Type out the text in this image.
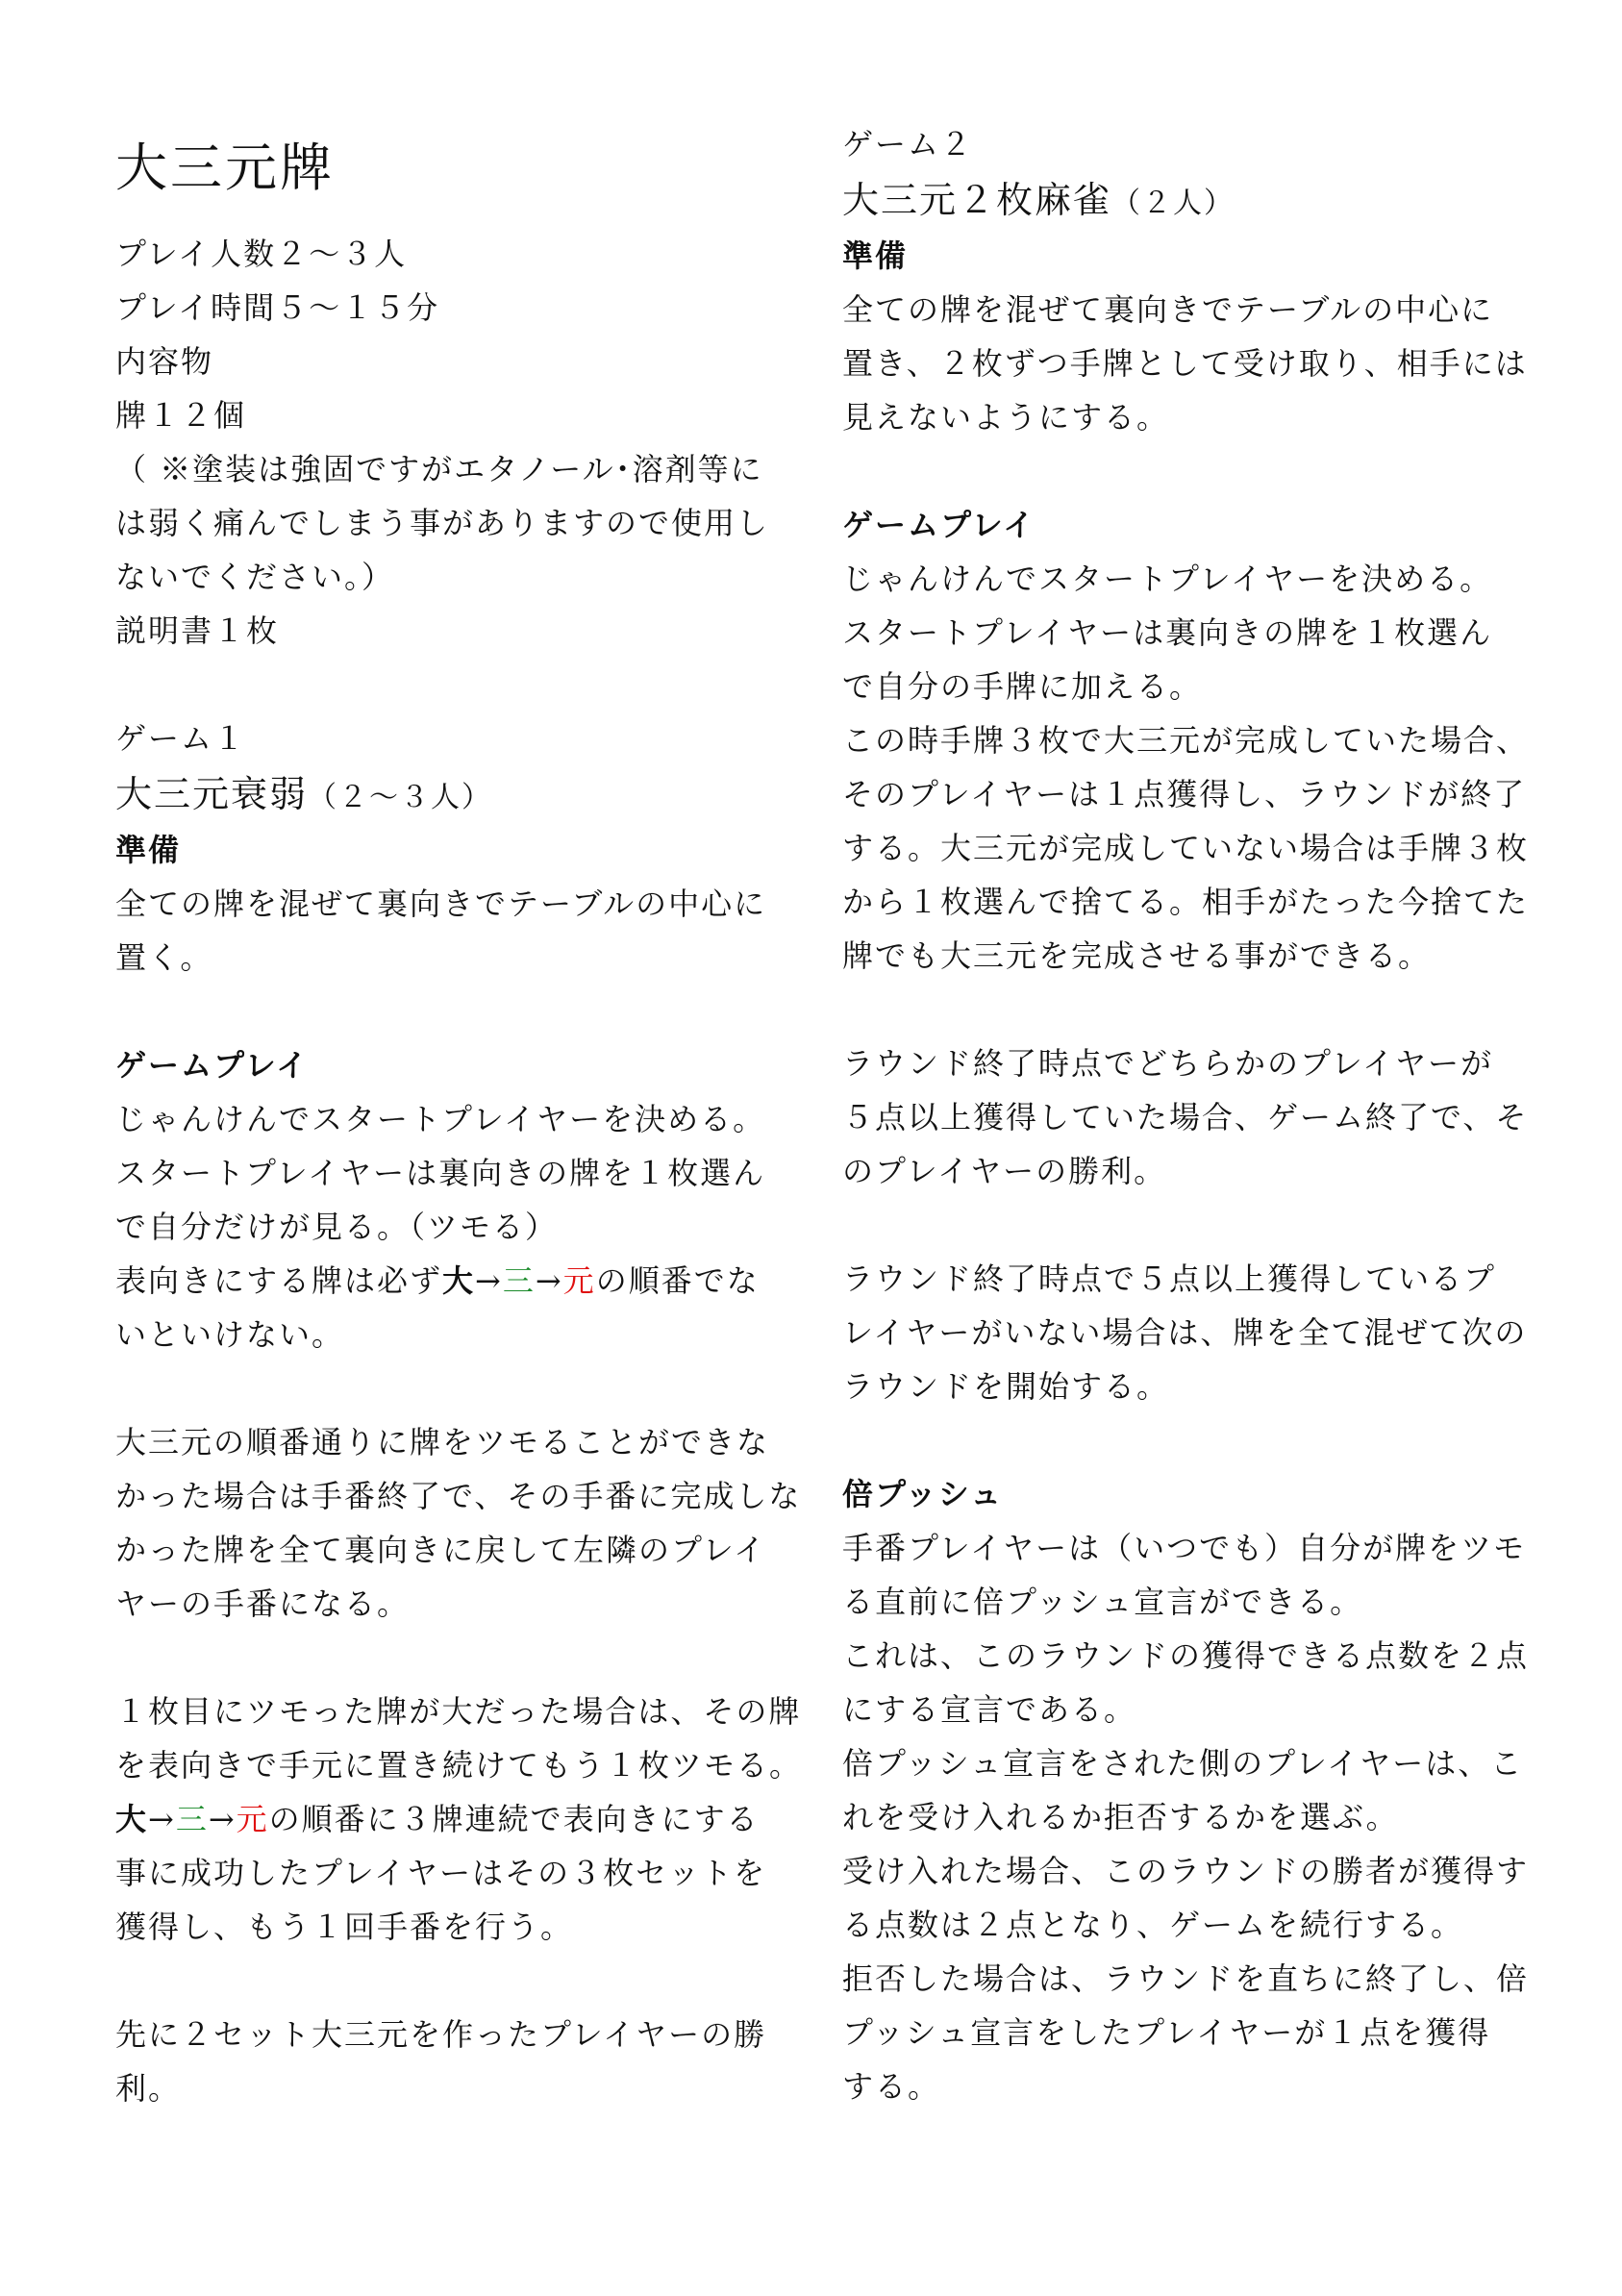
大三元牌
プレイ人数２～３人
プレイ時間５～１５分
内容物
牌１２個
（ ※塗装は強固ですがエタノール･溶剤等に
は弱く痛んでしまう事がありますので使用し
ないでください。）
説明書１枚
ゲーム１
大三元衰弱（２～３人）
準備
全ての牌を混ぜて裏向きでテーブルの中心に
置く。
ゲームプレイ
じゃんけんでスタートプレイヤーを決める。
スタートプレイヤーは裏向きの牌を１枚選ん
で自分だけが見る。（ツモる）
表向きにする牌は必ず大→三→元の順番でな
いといけない。
大三元の順番通りに牌をツモることができな
かった場合は手番終了で、その手番に完成しな
かった牌を全て裏向きに戻して左隣のプレイ
ヤーの手番になる。
１枚目にツモった牌が大だった場合は、その牌
を表向きで手元に置き続けてもう１枚ツモる。
大→三→元の順番に３牌連続で表向きにする
事に成功したプレイヤーはその３枚セットを
獲得し、もう１回手番を行う。
先に２セット大三元を作ったプレイヤーの勝
利。
ゲーム２
大三元２枚麻雀（２人）
準備
全ての牌を混ぜて裏向きでテーブルの中心に
置き、２枚ずつ手牌として受け取り、相手には
見えないようにする。
ゲームプレイ
じゃんけんでスタートプレイヤーを決める。
スタートプレイヤーは裏向きの牌を１枚選ん
で自分の手牌に加える。
この時手牌３枚で大三元が完成していた場合、
そのプレイヤーは１点獲得し、ラウンドが終了
する。大三元が完成していない場合は手牌３枚
から１枚選んで捨てる。相手がたった今捨てた
牌でも大三元を完成させる事ができる。
ラウンド終了時点でどちらかのプレイヤーが
５点以上獲得していた場合、ゲーム終了で、そ
のプレイヤーの勝利。
ラウンド終了時点で５点以上獲得しているプ
レイヤーがいない場合は、牌を全て混ぜて次の
ラウンドを開始する。
倍プッシュ
手番プレイヤーは（いつでも）自分が牌をツモ
る直前に倍プッシュ宣言ができる。
これは、このラウンドの獲得できる点数を２点
にする宣言である。
倍プッシュ宣言をされた側のプレイヤーは、こ
れを受け入れるか拒否するかを選ぶ。
受け入れた場合、このラウンドの勝者が獲得す
る点数は２点となり、ゲームを続行する。
拒否した場合は、ラウンドを直ちに終了し、倍
プッシュ宣言をしたプレイヤーが１点を獲得
する。
